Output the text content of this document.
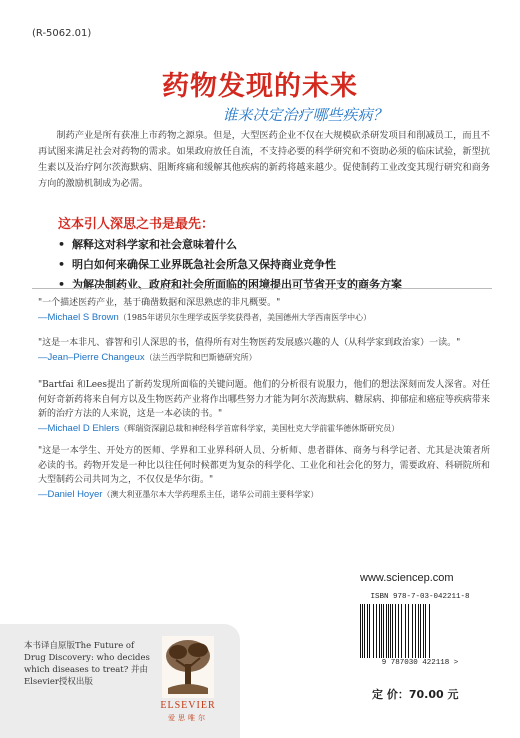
(R-5062.01)
药物发现的未来
谁来决定治疗哪些疾病？
制药产业是所有获准上市药物之源泉。但是，大型医药企业不仅在大规模砍杀研发项目和削减员工，而且不再试图来满足社会对药物的需求。如果政府放任自流，不支持必要的科学研究和不资助必须的临床试验，新型抗生素以及治疗阿尔茨海默病、阻断疼痛和缓解其他疾病的新药将越来越少。促使制药工业改变其现行研究和商务方向的激励机制成为必需。
这本引人深思之书是最先：
• 解释这对科学家和社会意味着什么
• 明白如何来确保工业界既急社会所急又保持商业竞争性
• 为解决制药业、政府和社会所面临的困境提出可节省开支的商务方案
"一个描述医药产业，基于确凿数据和深思熟虑的非凡概要。"
—Michael S Brown（1985年诺贝尔生理学或医学奖获得者，美国德州大学西南医学中心）
"这是一本非凡、睿智和引人深思的书，值得所有对生物医药发展感兴趣的人（从科学家到政治家）一读。"
—Jean–Pierre Changeux（法兰西学院和巴斯德研究所）
"Bartfai 和Lees提出了新药发现所面临的关键问题。他们的分析很有说服力，他们的想法深刻而发人深省。对任何好奇新药将来自何方以及生物医药产业将作出哪些努力才能为阿尔茨海默病、糖尿病、抑郁症和癌症等疾病带来新的治疗方法的人来说，这是一本必读的书。"
—Michael D Ehlers（辉瑞资深副总裁和神经科学首席科学家，美国杜克大学前霍华德休斯研究员）
"这是一本学生、开处方的医师、学界和工业界科研人员、分析师、患者群体、商务与科学记者、尤其是决策者所必读的书。药物开发是一种比以往任何时候都更为复杂的科学化、工业化和社会化的努力，需要政府、科研院所和大型制药公司共同为之，不仅仅是华尔街。"
—Daniel Hoyer（澳大利亚墨尔本大学药理系主任，诺华公司前主要科学家）
www.sciencep.com
ISBN 978-7-03-042211-8
9 787030 422118 >
定 价：70.00 元
本书译自原版The Future of Drug Discovery: who decides which diseases to treat? 并由Elsevier授权出版
ELSEVIER
爱思唯尔
